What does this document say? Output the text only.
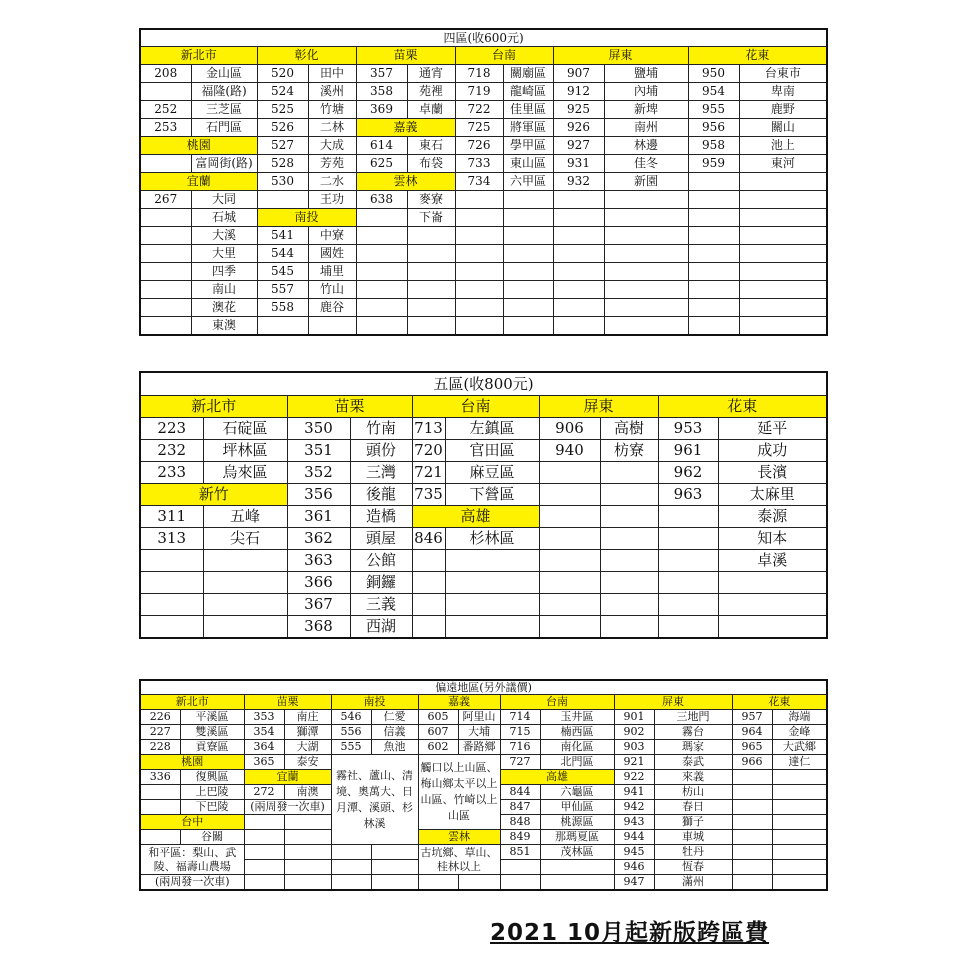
四區(收600元)											
新北市		彰化		苗栗		台南		屏東		花東	
208	金山區	520	田中	357	通宵	718	關廟區	907	鹽埔	950	台東市
	福隆(路)	524	溪州	358	苑裡	719	龍崎區	912	內埔	954	卑南
252	三芝區	525	竹塘	369	卓蘭	722	佳里區	925	新埤	955	鹿野
253	石門區	526	二林	嘉義		725	將軍區	926	南州	956	關山
桃園		527	大成	614	東石	726	學甲區	927	林邊	958	池上
	富岡街(路)	528	芳苑	625	布袋	733	東山區	931	佳冬	959	東河
宜蘭		530	二水	雲林		734	六甲區	932	新園		
267	大同		王功	638	麥寮						
	石城	南投			下崙						
	大溪	541	中寮								
	大里	544	國姓								
	四季	545	埔里								
	南山	557	竹山								
	澳花	558	鹿谷								
	東澳										
五區(收800元)									
新北市		苗栗		台南		屏東		花東	
223	石碇區	350	竹南	713	左鎮區	906	高樹	953	延平
232	坪林區	351	頭份	720	官田區	940	枋寮	961	成功
233	烏來區	352	三灣	721	麻豆區			962	長濱
新竹		356	後龍	735	下營區			963	太麻里
311	五峰	361	造橋	高雄					泰源
313	尖石	362	頭屋	846	杉林區				知本
		363	公館						卓溪
		366	銅鑼						
		367	三義						
		368	西湖						
偏遠地區(另外議價)													
新北市		苗栗		南投		嘉義		台南		屏東		花東	
226	平溪區	353	南庄	546	仁愛	605	阿里山	714	玉井區	901	三地門	957	海端
227	雙溪區	354	獅潭	556	信義	607	大埔	715	楠西區	902	霧台	964	金峰
228	貢寮區	364	大湖	555	魚池	602	番路鄉	716	南化區	903	瑪家	965	大武鄉
桃園		365	泰安	霧社、蘆山、清境、奧萬大、日月潭、溪頭、杉林溪		觸口以上山區、梅山鄉太平以上山區、竹崎以上山區		727	北門區	921	泰武	966	達仁
336	復興區	宜蘭						高雄		922	來義		
	上巴陵	272	南澳					844	六龜區	941	枋山		
	下巴陵	(兩周發一次車)						847	甲仙區	942	春日		
台中								848	桃源區	943	獅子		
	谷關					雲林		849	那瑪夏區	944	車城		
和平區：梨山、武陵、福壽山農場						古坑鄉、草山、桂林以上		851	茂林區	945	牡丹		
										946	恆春		
(兩周發一次車)										947	滿州		
2021 10月起新版跨區費
